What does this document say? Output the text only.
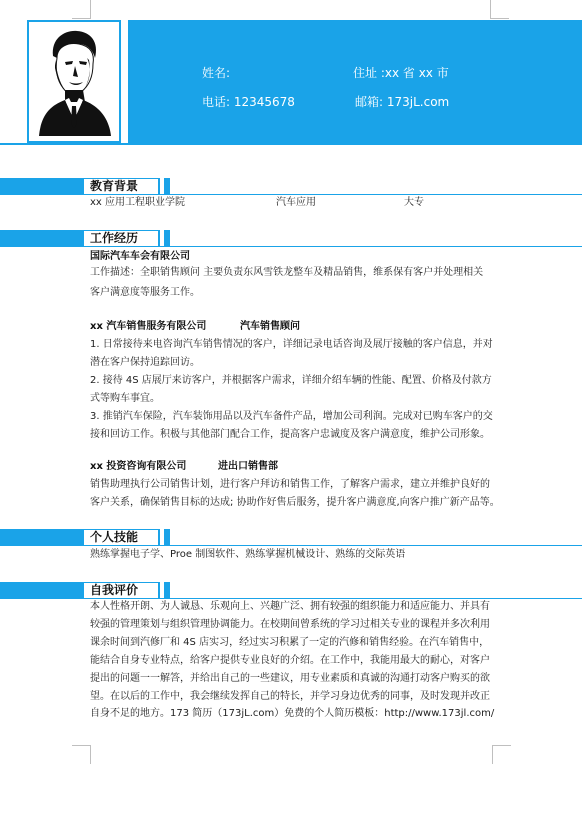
姓名:	住址 :xx 省 xx 市
电话: 12345678	邮箱: 173jL.com
教育背景
xx 应用工程职业学院	汽车应用	大专
工作经历
国际汽车车会有限公司
工作描述：全职销售顾问 主要负责东风雪铁龙整车及精品销售，维系保有客户并处理相关
客户满意度等服务工作。
xx 汽车销售服务有限公司	汽车销售顾问
1. 日常接待来电咨询汽车销售情况的客户，详细记录电话咨询及展厅接触的客户信息，并对
潜在客户保持追踪回访。
2. 接待 4S 店展厅来访客户，并根据客户需求，详细介绍车辆的性能、配置、价格及付款方
式等购车事宜。
3. 推销汽车保险，汽车装饰用品以及汽车备件产品，增加公司利润。完成对已购车客户的交
接和回访工作。积极与其他部门配合工作，提高客户忠诚度及客户满意度，维护公司形象。
xx 投资咨询有限公司	进出口销售部
销售助理执行公司销售计划，进行客户拜访和销售工作，了解客户需求，建立并维护良好的
客户关系，确保销售目标的达成; 协助作好售后服务，提升客户满意度,向客户推广新产品等。
个人技能
熟练掌握电子学、Proe 制图软件、熟练掌握机械设计、熟练的交际英语
自我评价
本人性格开朗、为人诚恳、乐观向上、兴趣广泛、拥有较强的组织能力和适应能力、并具有
较强的管理策划与组织管理协调能力。在校期间曾系统的学习过相关专业的课程并多次利用
课余时间到汽修厂和 4S 店实习，经过实习积累了一定的汽修和销售经验。在汽车销售中，
能结合自身专业特点，给客户提供专业良好的介绍。在工作中，我能用最大的耐心，对客户
提出的问题一一解答，并给出自己的一些建议，用专业素质和真诚的沟通打动客户购买的欲
望。在以后的工作中，我会继续发挥自己的特长，并学习身边优秀的同事，及时发现并改正
自身不足的地方。173 简历（173jL.com）免费的个人简历模板：http://www.173jl.com/
